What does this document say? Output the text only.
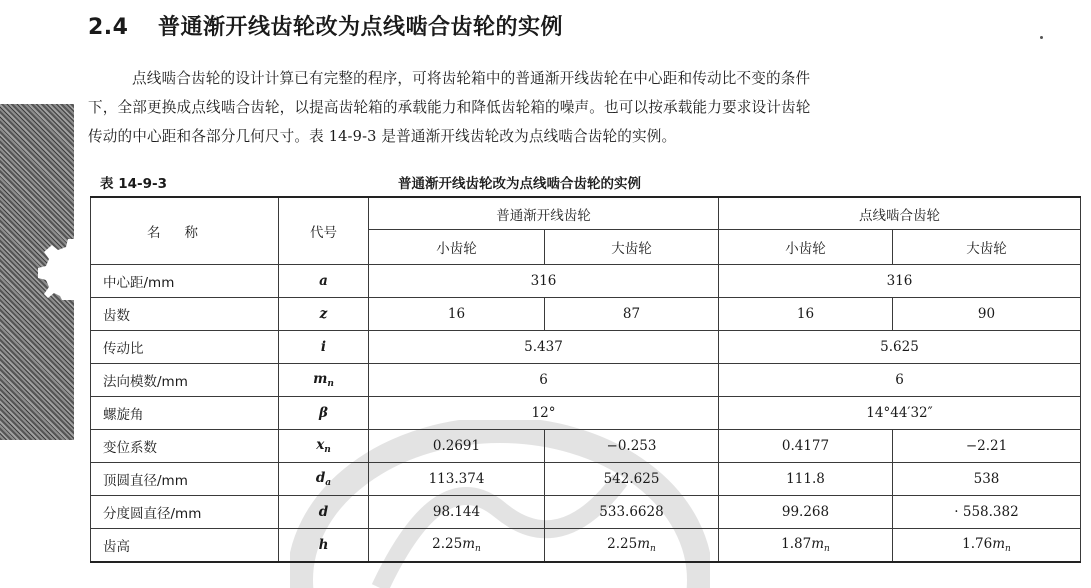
2.4 普通渐开线齿轮改为点线啮合齿轮的实例

点线啮合齿轮的设计计算已有完整的程序，可将齿轮箱中的普通渐开线齿轮在中心距和传动比不变的条件
下，全部更换成点线啮合齿轮，以提高齿轮箱的承载能力和降低齿轮箱的噪声。也可以按承载能力要求设计齿轮
传动的中心距和各部分几何尺寸。表 14-9-3 是普通渐开线齿轮改为点线啮合齿轮的实例。

表 14-9-3	普通渐开线齿轮改为点线啮合齿轮的实例
名称	代号	普通渐开线齿轮		点线啮合齿轮	
		小齿轮	大齿轮	小齿轮	大齿轮
中心距/mm	a	316		316	
齿数	z	16	87	16	90
传动比	i	5.437		5.625	
法向模数/mm	$m_n$	6		6	
螺旋角	β	12°		14°44′32″	
变位系数	$x_n$	0.2691	−0.253	0.4177	−2.21
顶圆直径/mm	$d_a$	113.374	542.625	111.8	538
分度圆直径/mm	d	98.144	533.6628	99.268	· 558.382
齿高	h	$2.25m_n$	$2.25m_n$	$1.87m_n$	$1.76m_n$
